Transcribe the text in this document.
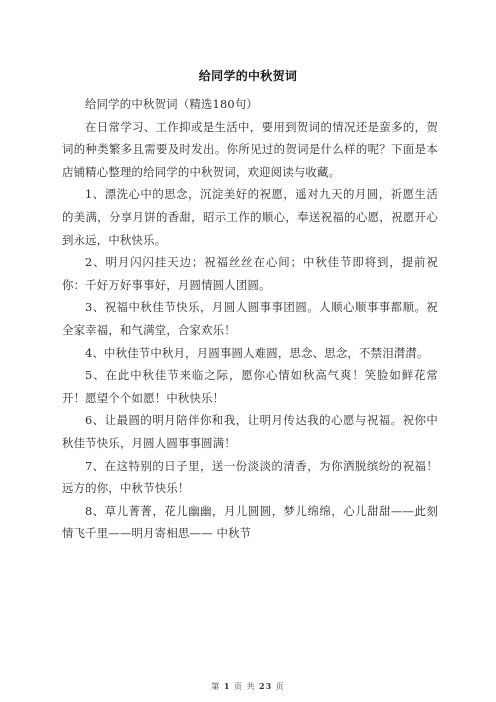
给同学的中秋贺词

给同学的中秋贺词（精选180句）

在日常学习、工作抑或是生活中，要用到贺词的情况还是蛮多的，贺词的种类繁多且需要及时发出。你所见过的贺词是什么样的呢？下面是本店铺精心整理的给同学的中秋贺词，欢迎阅读与收藏。

1、漂洗心中的思念，沉淀美好的祝愿，遥对九天的月圆，祈愿生活的美满，分享月饼的香甜，昭示工作的顺心，奉送祝福的心愿，祝愿开心到永远，中秋快乐。

2、明月闪闪挂天边；祝福丝丝在心间；中秋佳节即将到，提前祝你：千好万好事事好，月圆情圆人团圆。

3、祝福中秋佳节快乐，月圆人圆事事团圆。人顺心顺事事都顺。祝全家幸福，和气满堂，合家欢乐！

4、中秋佳节中秋月，月圆事圆人难圆，思念、思念，不禁泪潸潸。

5、在此中秋佳节来临之际，愿你心情如秋高气爽！笑脸如鲜花常开！愿望个个如愿！中秋快乐！

6、让最圆的明月陪伴你和我，让明月传达我的心愿与祝福。祝你中秋佳节快乐，月圆人圆事事圆满！

7、在这特别的日子里，送一份淡淡的清香，为你洒脱缤纷的祝福！远方的你，中秋节快乐！

8、草儿菁菁，花儿幽幽，月儿圆圆，梦儿绵绵，心儿甜甜——此刻情飞千里——明月寄相思—— 中秋节

第 1 页 共 23 页
